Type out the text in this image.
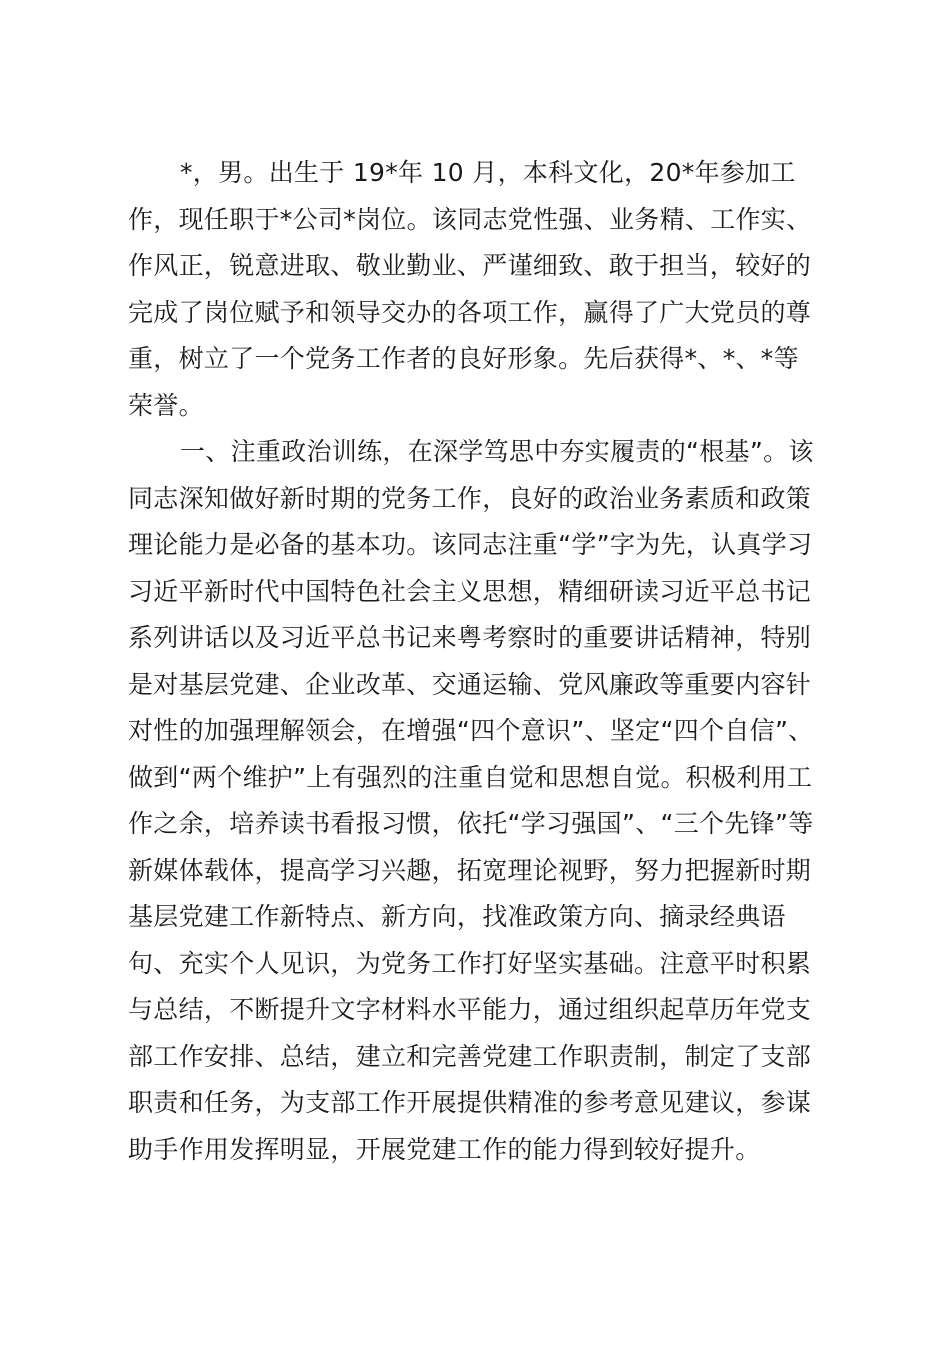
*，男。出生于 19*年 10 月，本科文化，20*年参加工
作，现任职于*公司*岗位。该同志党性强、业务精、工作实、
作风正，锐意进取、敬业勤业、严谨细致、敢于担当，较好的
完成了岗位赋予和领导交办的各项工作，赢得了广大党员的尊
重，树立了一个党务工作者的良好形象。先后获得*、*、*等
荣誉。
一、注重政治训练，在深学笃思中夯实履责的“根基”。该
同志深知做好新时期的党务工作，良好的政治业务素质和政策
理论能力是必备的基本功。该同志注重“学”字为先，认真学习
习近平新时代中国特色社会主义思想，精细研读习近平总书记
系列讲话以及习近平总书记来粤考察时的重要讲话精神，特别
是对基层党建、企业改革、交通运输、党风廉政等重要内容针
对性的加强理解领会，在增强“四个意识”、坚定“四个自信”、
做到“两个维护”上有强烈的注重自觉和思想自觉。积极利用工
作之余，培养读书看报习惯，依托“学习强国”、“三个先锋”等
新媒体载体，提高学习兴趣，拓宽理论视野，努力把握新时期
基层党建工作新特点、新方向，找准政策方向、摘录经典语
句、充实个人见识，为党务工作打好坚实基础。注意平时积累
与总结，不断提升文字材料水平能力，通过组织起草历年党支
部工作安排、总结，建立和完善党建工作职责制，制定了支部
职责和任务，为支部工作开展提供精准的参考意见建议，参谋
助手作用发挥明显，开展党建工作的能力得到较好提升。
